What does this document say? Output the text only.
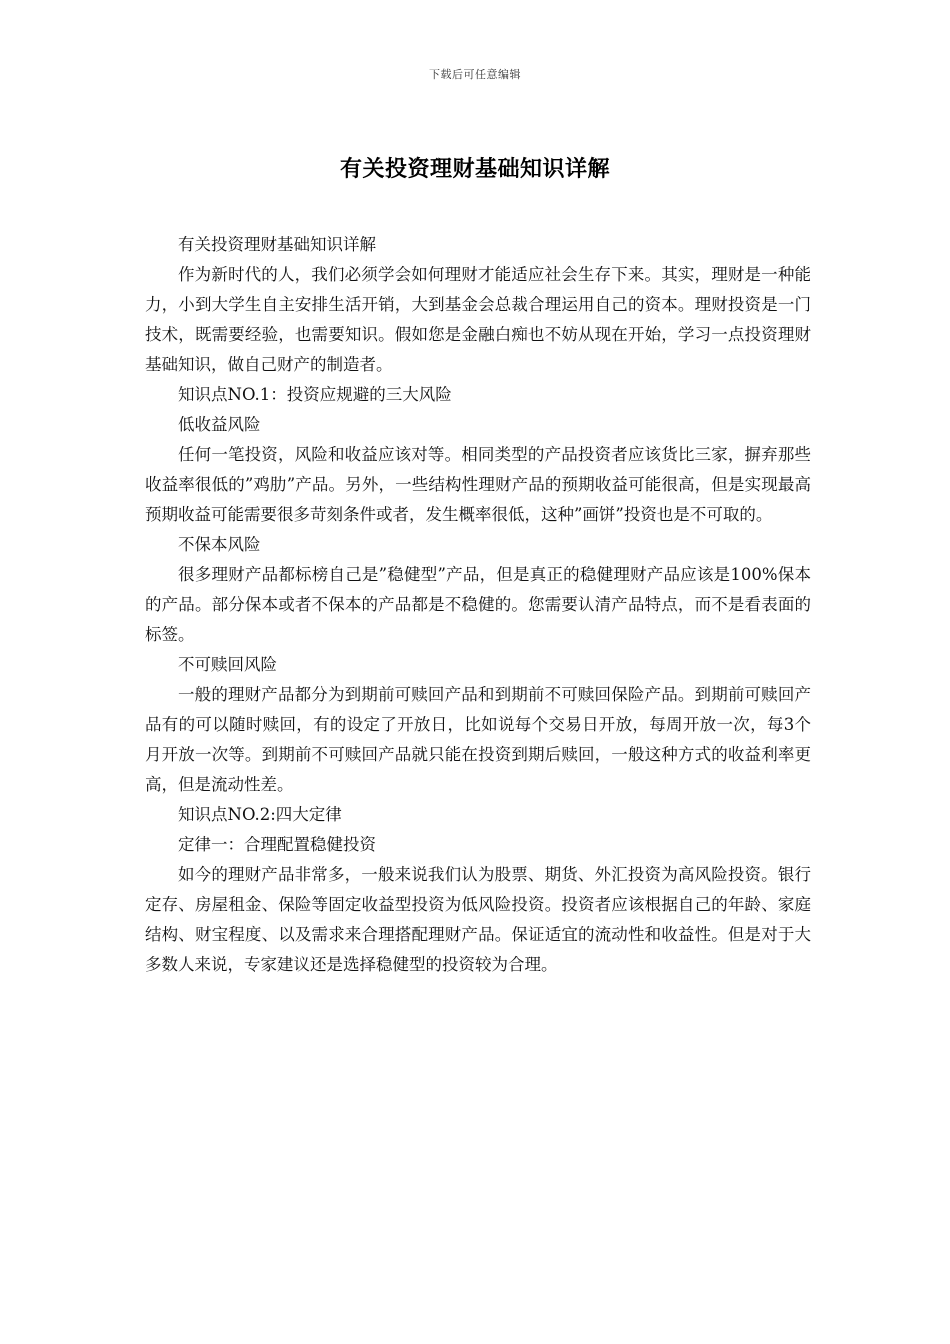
下载后可任意编辑
有关投资理财基础知识详解

有关投资理财基础知识详解

作为新时代的人，我们必须学会如何理财才能适应社会生存下来。其实，理财是一种能力，小到大学生自主安排生活开销，大到基金会总裁合理运用自己的资本。理财投资是一门技术，既需要经验，也需要知识。假如您是金融白痴也不妨从现在开始，学习一点投资理财基础知识，做自己财产的制造者。

知识点NO.1：投资应规避的三大风险

低收益风险

任何一笔投资，风险和收益应该对等。相同类型的产品投资者应该货比三家，摒弃那些收益率很低的”鸡肋”产品。另外，一些结构性理财产品的预期收益可能很高，但是实现最高预期收益可能需要很多苛刻条件或者，发生概率很低，这种”画饼”投资也是不可取的。

不保本风险

很多理财产品都标榜自己是”稳健型”产品，但是真正的稳健理财产品应该是100%保本的产品。部分保本或者不保本的产品都是不稳健的。您需要认清产品特点，而不是看表面的标签。

不可赎回风险

一般的理财产品都分为到期前可赎回产品和到期前不可赎回保险产品。到期前可赎回产品有的可以随时赎回，有的设定了开放日，比如说每个交易日开放，每周开放一次，每3个月开放一次等。到期前不可赎回产品就只能在投资到期后赎回，一般这种方式的收益利率更高，但是流动性差。

知识点NO.2:四大定律

定律一：合理配置稳健投资

如今的理财产品非常多，一般来说我们认为股票、期货、外汇投资为高风险投资。银行定存、房屋租金、保险等固定收益型投资为低风险投资。投资者应该根据自己的年龄、家庭结构、财宝程度、以及需求来合理搭配理财产品。保证适宜的流动性和收益性。但是对于大多数人来说，专家建议还是选择稳健型的投资较为合理。
